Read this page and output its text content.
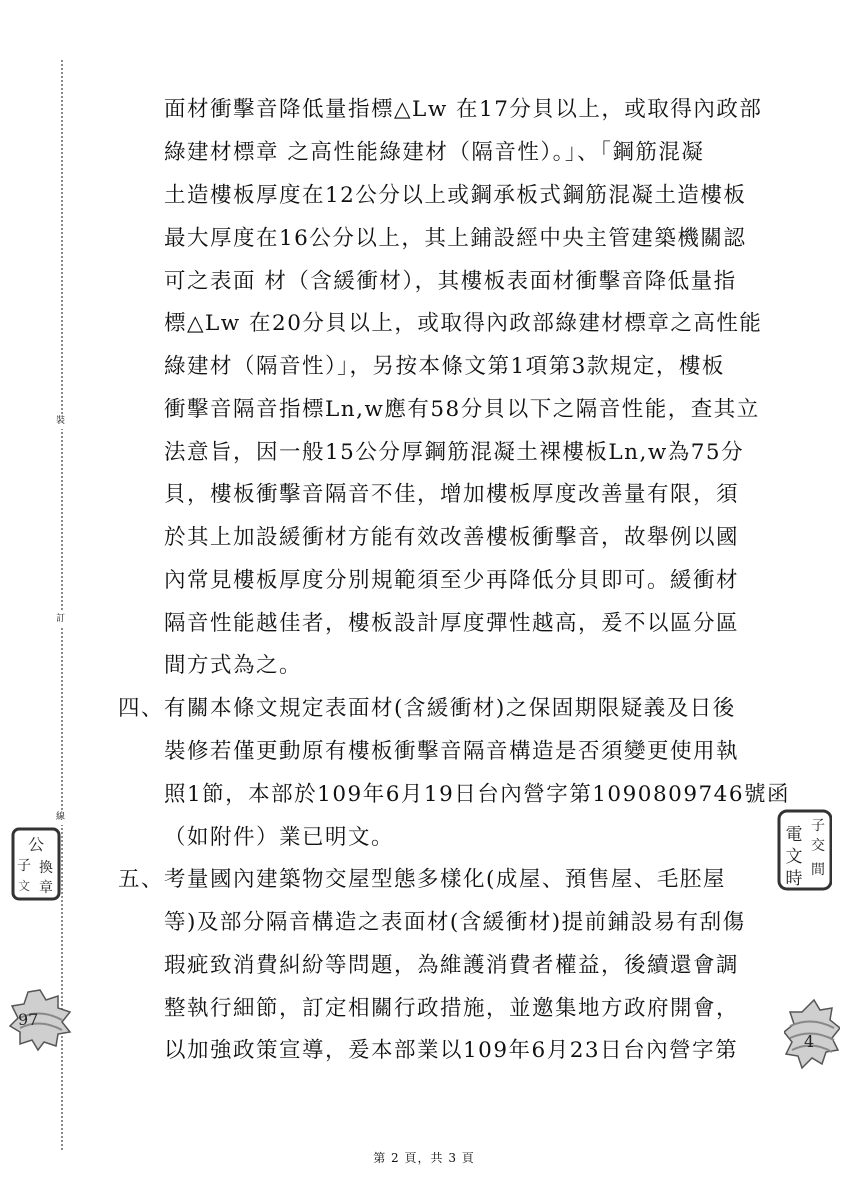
裝
訂
線
面材衝擊音降低量指標△Lw 在17分貝以上，或取得內政部
綠建材標章 之高性能綠建材（隔音性）。」、「鋼筋混凝
土造樓板厚度在12公分以上或鋼承板式鋼筋混凝土造樓板
最大厚度在16公分以上，其上鋪設經中央主管建築機關認
可之表面 材（含緩衝材），其樓板表面材衝擊音降低量指
標△Lw 在20分貝以上，或取得內政部綠建材標章之高性能
綠建材（隔音性）」，另按本條文第1項第3款規定，樓板
衝擊音隔音指標Ln,w應有58分貝以下之隔音性能，查其立
法意旨，因一般15公分厚鋼筋混凝土裸樓板Ln,w為75分
貝，樓板衝擊音隔音不佳，增加樓板厚度改善量有限，須
於其上加設緩衝材方能有效改善樓板衝擊音，故舉例以國
內常見樓板厚度分別規範須至少再降低分貝即可。緩衝材
隔音性能越佳者，樓板設計厚度彈性越高，爰不以區分區
間方式為之。
四、 有關本條文規定表面材(含緩衝材)之保固期限疑義及日後
裝修若僅更動原有樓板衝擊音隔音構造是否須變更使用執
照1節，本部於109年6月19日台內營字第1090809746號函
（如附件）業已明文。
五、 考量國內建築物交屋型態多樣化(成屋、預售屋、毛胚屋
等)及部分隔音構造之表面材(含緩衝材)提前鋪設易有刮傷
瑕疵致消費糾紛等問題，為維護消費者權益，後續還會調
整執行細節，訂定相關行政措施，並邀集地方政府開會，
以加強政策宣導，爰本部業以109年6月23日台內營字第
公
子 換
章
文
電
文
時
子
交
間
97
4
第 2 頁，共 3 頁
